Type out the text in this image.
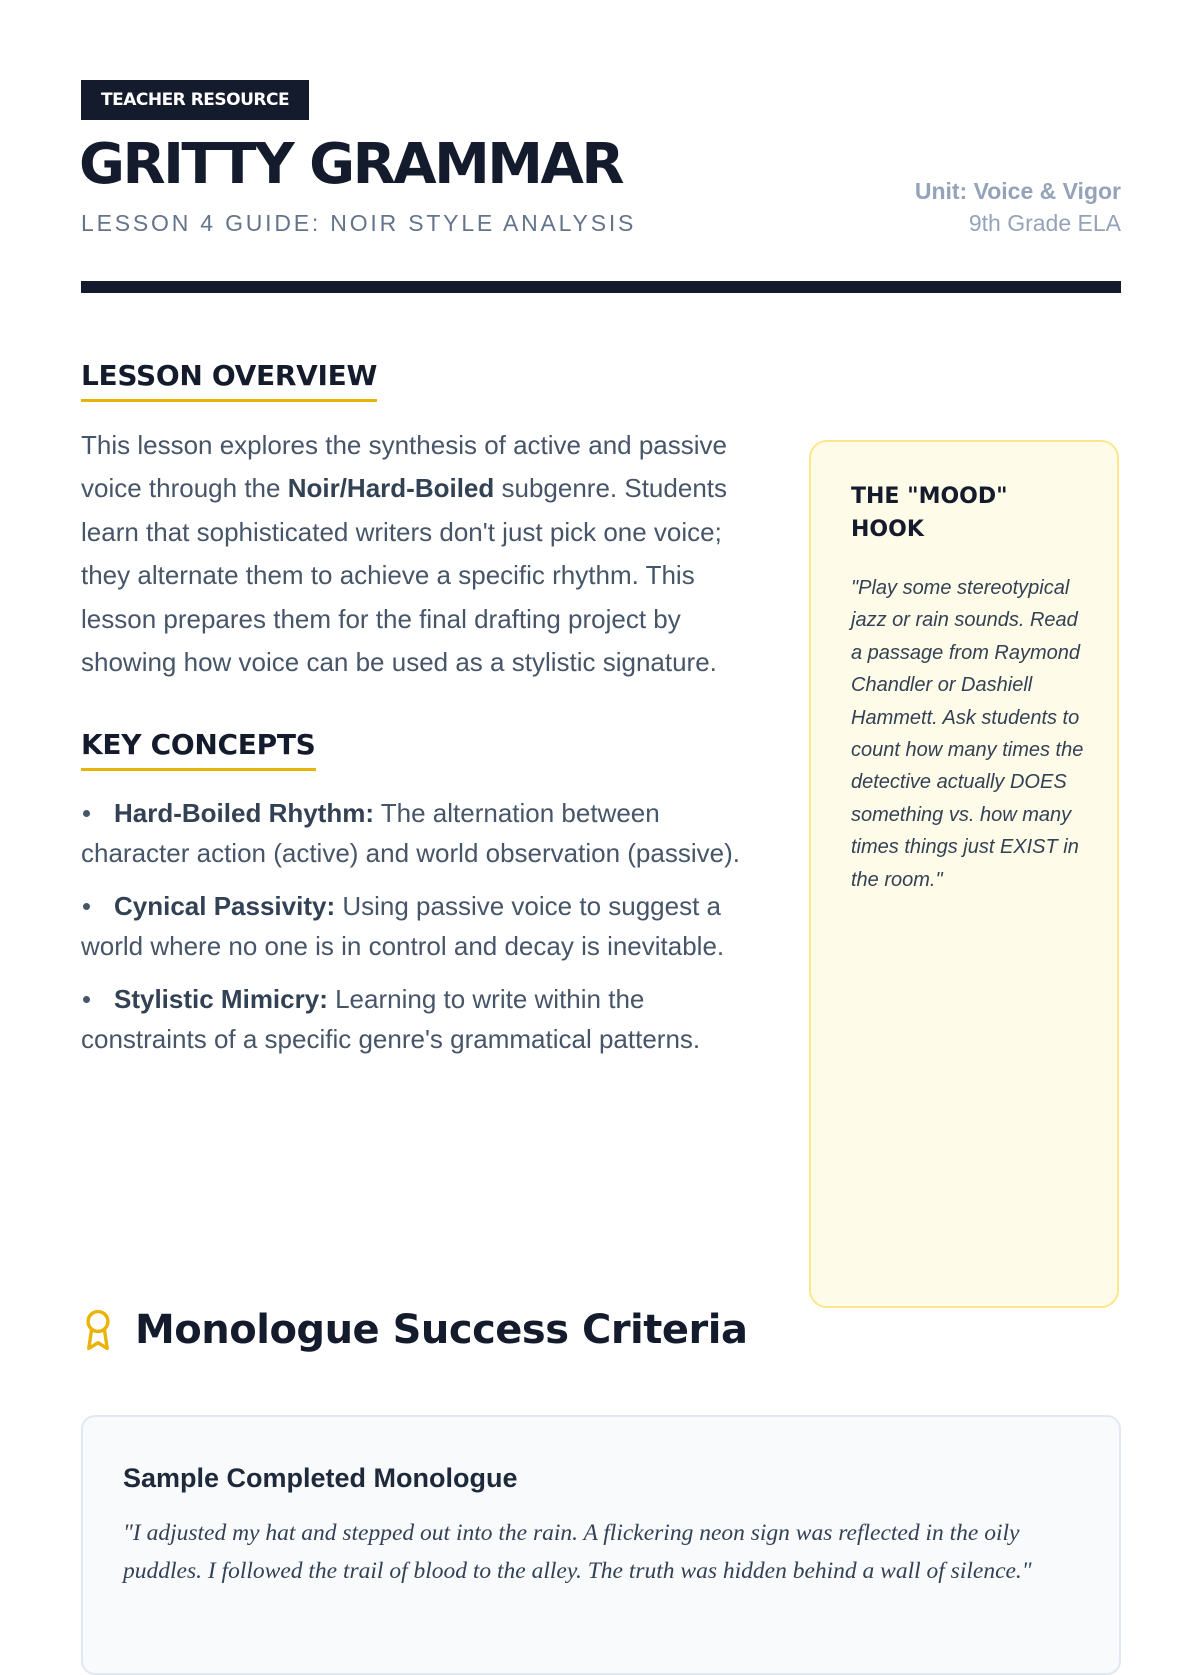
TEACHER RESOURCE
GRITTY GRAMMAR

LESSON 4 GUIDE: NOIR STYLE ANALYSIS

Unit: Voice & Vigor
9th Grade ELA
LESSON OVERVIEW

This lesson explores the synthesis of active and passive voice through the Noir/Hard-Boiled subgenre. Students learn that sophisticated writers don't just pick one voice; they alternate them to achieve a specific rhythm. This lesson prepares them for the final drafting project by showing how voice can be used as a stylistic signature.

KEY CONCEPTS
Hard-Boiled Rhythm: The alternation between character action (active) and world observation (passive).
Cynical Passivity: Using passive voice to suggest a world where no one is in control and decay is inevitable.
Stylistic Mimicry: Learning to write within the constraints of a specific genre's grammatical patterns.
THE "MOOD" HOOK

"Play some stereotypical jazz or rain sounds. Read a passage from Raymond Chandler or Dashiell Hammett. Ask students to count how many times the detective actually DOES something vs. how many times things just EXIST in the room."

Monologue Success Criteria
Sample Completed Monologue

"I adjusted my hat and stepped out into the rain. A flickering neon sign was reflected in the oily puddles. I followed the trail of blood to the alley. The truth was hidden behind a wall of silence."
